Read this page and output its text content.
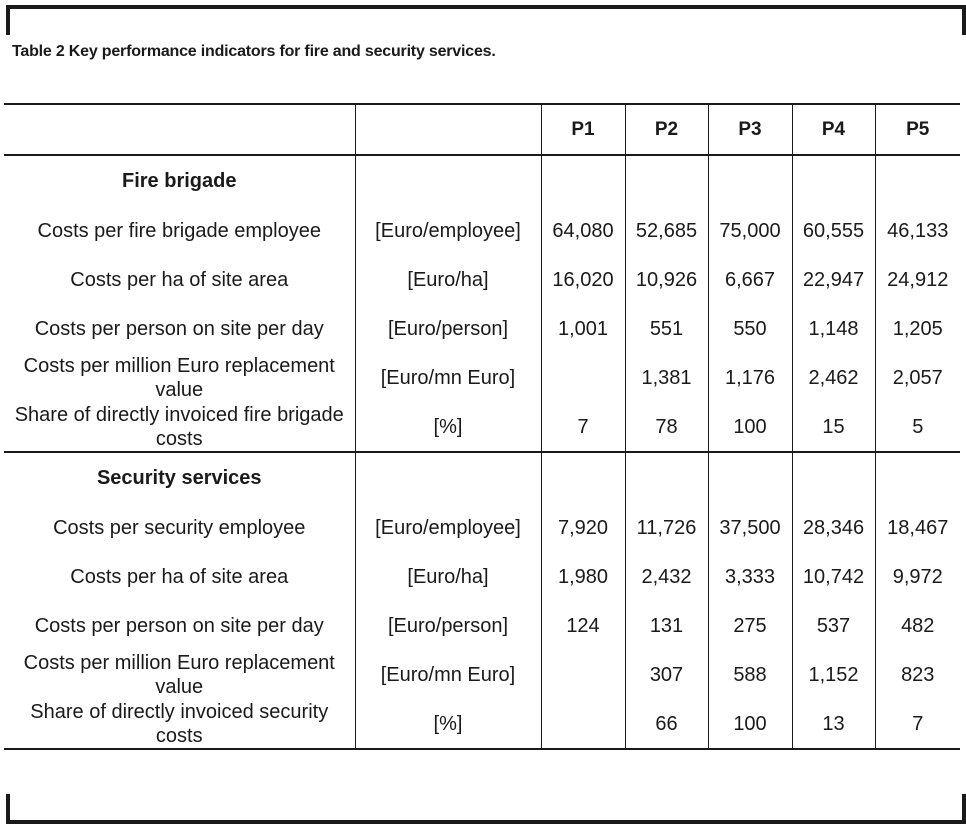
Table 2 Key performance indicators for fire and security services.
		P1	P2	P3	P4	P5
Fire brigade						
Costs per fire brigade employee	[Euro/employee]	64,080	52,685	75,000	60,555	46,133
Costs per ha of site area	[Euro/ha]	16,020	10,926	6,667	22,947	24,912
Costs per person on site per day	[Euro/person]	1,001	551	550	1,148	1,205
Costs per million Euro replacement value	[Euro/mn Euro]		1,381	1,176	2,462	2,057
Share of directly invoiced fire brigade costs	[%]	7	78	100	15	5
Security services						
Costs per security employee	[Euro/employee]	7,920	11,726	37,500	28,346	18,467
Costs per ha of site area	[Euro/ha]	1,980	2,432	3,333	10,742	9,972
Costs per person on site per day	[Euro/person]	124	131	275	537	482
Costs per million Euro replacement value	[Euro/mn Euro]		307	588	1,152	823
Share of directly invoiced security costs	[%]		66	100	13	7
